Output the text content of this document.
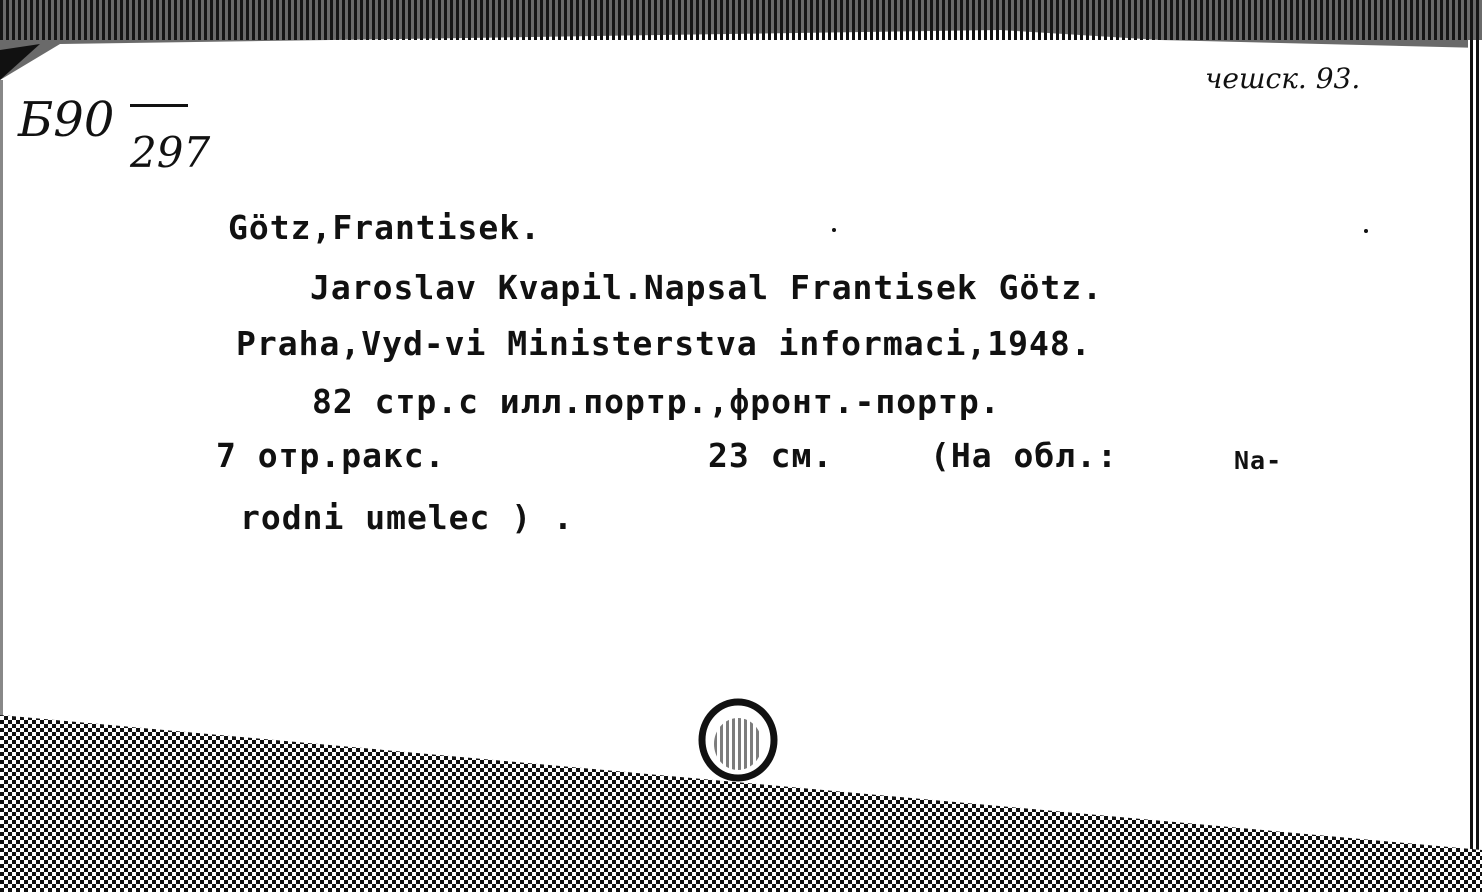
Б90
297
чешск. 93.
Götz,Frantisek.
Jaroslav Kvapil.Napsal Frantisek Götz.
Praha,Vyd-vi Ministerstva informaci,1948.
82 стр.с илл.портр.,фронт.-портр.
7 отр.ракс.	23 см.	(На обл.:	Na-
rodni umelec ) .
